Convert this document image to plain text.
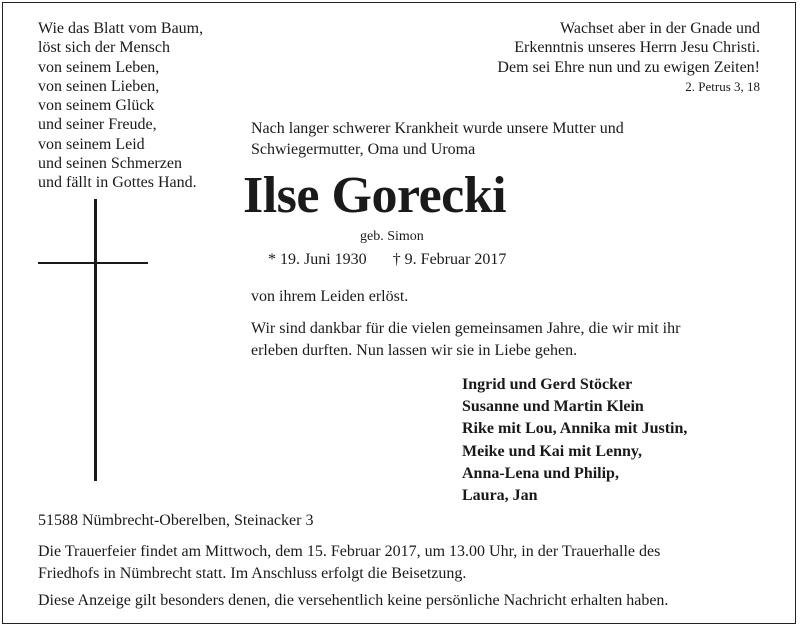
Wie das Blatt vom Baum,
löst sich der Mensch
von seinem Leben,
von seinen Lieben,
von seinem Glück
und seiner Freude,
von seinem Leid
und seinen Schmerzen
und fällt in Gottes Hand.
Wachset aber in der Gnade und
Erkenntnis unseres Herrn Jesu Christi.
Dem sei Ehre nun und zu ewigen Zeiten!
2. Petrus 3, 18
Nach langer schwerer Krankheit wurde unsere Mutter und
Schwiegermutter, Oma und Uroma
Ilse Gorecki
geb. Simon
* 19. Juni 1930 † 9. Februar 2017
von ihrem Leiden erlöst.
Wir sind dankbar für die vielen gemeinsamen Jahre, die wir mit ihr
erleben durften. Nun lassen wir sie in Liebe gehen.
Ingrid und Gerd Stöcker
Susanne und Martin Klein
Rike mit Lou, Annika mit Justin,
Meike und Kai mit Lenny,
Anna-Lena und Philip,
Laura, Jan
51588 Nümbrecht-Oberelben, Steinacker 3
Die Trauerfeier findet am Mittwoch, dem 15. Februar 2017, um 13.00 Uhr, in der Trauerhalle des
Friedhofs in Nümbrecht statt. Im Anschluss erfolgt die Beisetzung.
Diese Anzeige gilt besonders denen, die versehentlich keine persönliche Nachricht erhalten haben.
